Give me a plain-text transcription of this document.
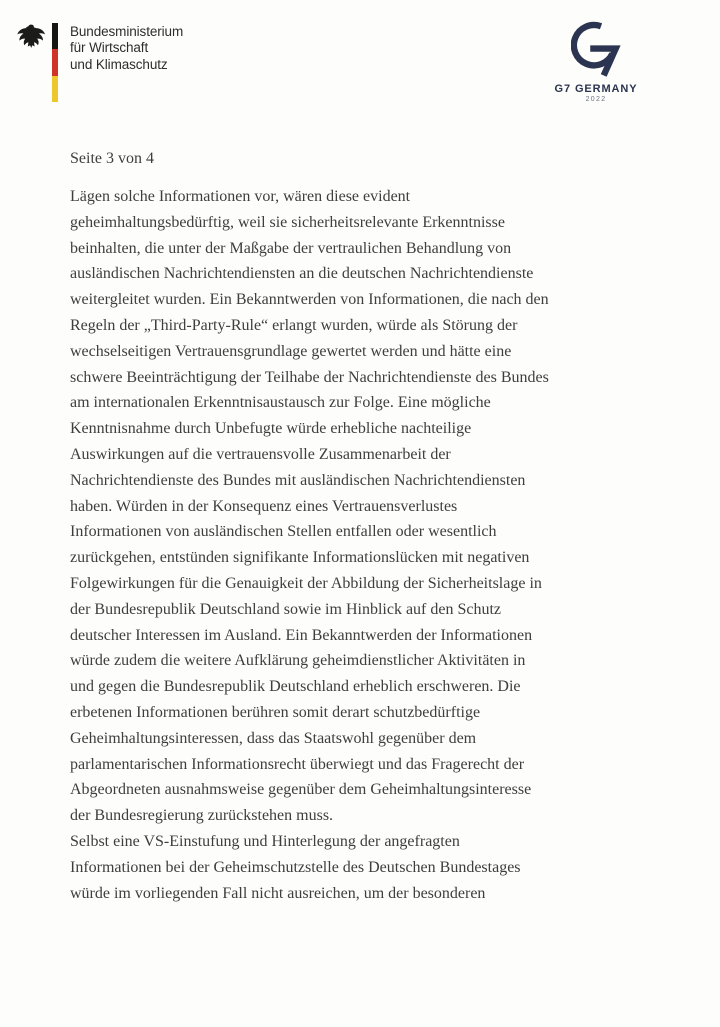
Bundesministerium
für Wirtschaft
und Klimaschutz
G7 GERMANY
2022
Seite 3 von 4
Lägen solche Informationen vor, wären diese evident
geheimhaltungsbedürftig, weil sie sicherheitsrelevante Erkenntnisse
beinhalten, die unter der Maßgabe der vertraulichen Behandlung von
ausländischen Nachrichtendiensten an die deutschen Nachrichtendienste
weitergleitet wurden. Ein Bekanntwerden von Informationen, die nach den
Regeln der „Third-Party-Rule“ erlangt wurden, würde als Störung der
wechselseitigen Vertrauensgrundlage gewertet werden und hätte eine
schwere Beeinträchtigung der Teilhabe der Nachrichtendienste des Bundes
am internationalen Erkenntnisaustausch zur Folge. Eine mögliche
Kenntnisnahme durch Unbefugte würde erhebliche nachteilige
Auswirkungen auf die vertrauensvolle Zusammenarbeit der
Nachrichtendienste des Bundes mit ausländischen Nachrichtendiensten
haben. Würden in der Konsequenz eines Vertrauensverlustes
Informationen von ausländischen Stellen entfallen oder wesentlich
zurückgehen, entstünden signifikante Informationslücken mit negativen
Folgewirkungen für die Genauigkeit der Abbildung der Sicherheitslage in
der Bundesrepublik Deutschland sowie im Hinblick auf den Schutz
deutscher Interessen im Ausland. Ein Bekanntwerden der Informationen
würde zudem die weitere Aufklärung geheimdienstlicher Aktivitäten in
und gegen die Bundesrepublik Deutschland erheblich erschweren. Die
erbetenen Informationen berühren somit derart schutzbedürftige
Geheimhaltungsinteressen, dass das Staatswohl gegenüber dem
parlamentarischen Informationsrecht überwiegt und das Fragerecht der
Abgeordneten ausnahmsweise gegenüber dem Geheimhaltungsinteresse
der Bundesregierung zurückstehen muss.
Selbst eine VS-Einstufung und Hinterlegung der angefragten
Informationen bei der Geheimschutzstelle des Deutschen Bundestages
würde im vorliegenden Fall nicht ausreichen, um der besonderen
